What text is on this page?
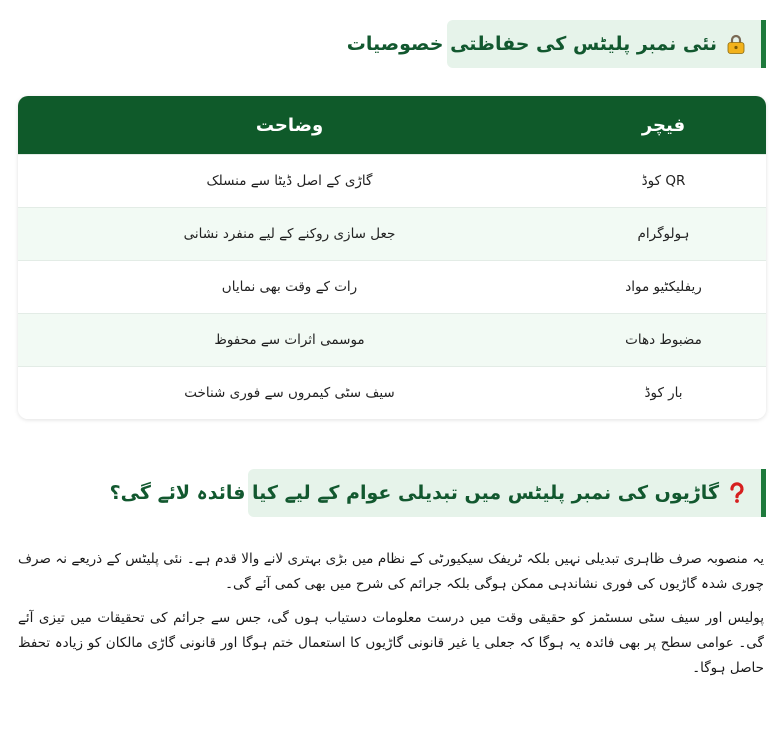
نئی نمبر پلیٹس کی حفاظتی خصوصیات
فیچر
وضاحت
QR کوڈ
گاڑی کے اصل ڈیٹا سے منسلک
ہولوگرام
جعل سازی روکنے کے لیے منفرد نشانی
ریفلیکٹیو مواد
رات کے وقت بھی نمایاں
مضبوط دھات
موسمی اثرات سے محفوظ
بار کوڈ
سیف سٹی کیمروں سے فوری شناخت
گاڑیوں کی نمبر پلیٹس میں تبدیلی عوام کے لیے کیا فائدہ لائے گی؟

یہ منصوبہ صرف ظاہری تبدیلی نہیں بلکہ ٹریفک سیکیورٹی کے نظام میں بڑی بہتری لانے والا قدم ہے۔ نئی پلیٹس کے ذریعے نہ صرف چوری شدہ گاڑیوں کی فوری نشاندہی ممکن ہوگی بلکہ جرائم کی شرح میں بھی کمی آئے گی۔

پولیس اور سیف سٹی سسٹمز کو حقیقی وقت میں درست معلومات دستیاب ہوں گی، جس سے جرائم کی تحقیقات میں تیزی آئے گی۔ عوامی سطح پر بھی فائدہ یہ ہوگا کہ جعلی یا غیر قانونی گاڑیوں کا استعمال ختم ہوگا اور قانونی گاڑی مالکان کو زیادہ تحفظ حاصل ہوگا۔
